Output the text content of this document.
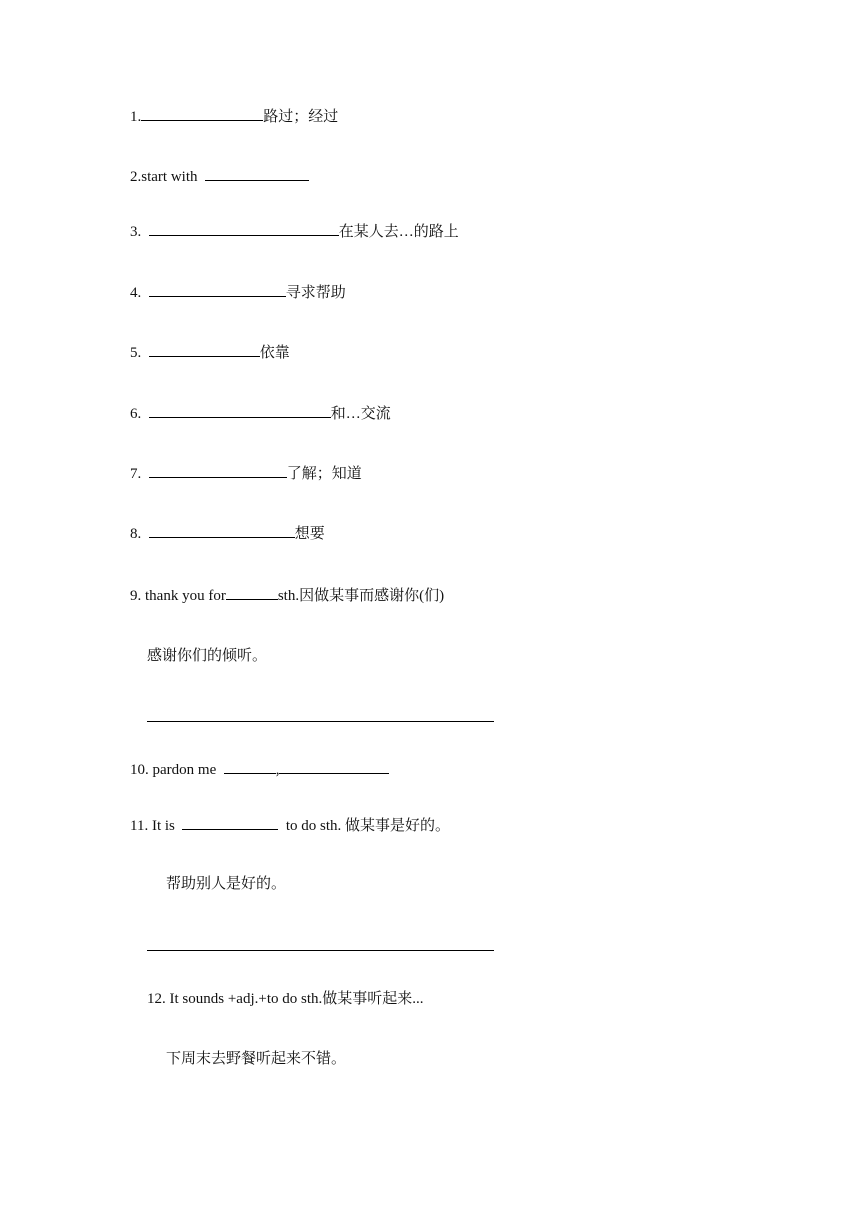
1.	路过；经过
2.start with
3.	在某人去…的路上
4.	寻求帮助
5.	依靠
6.	和…交流
7.	了解；知道
8.	想要
9. thank you for	sth.因做某事而感谢你(们)
感谢你们的倾听。
10. pardon me	,
11. It is	to do sth. 做某事是好的。
帮助别人是好的。
12. It sounds +adj.+to do sth.做某事听起来...
下周末去野餐听起来不错。
